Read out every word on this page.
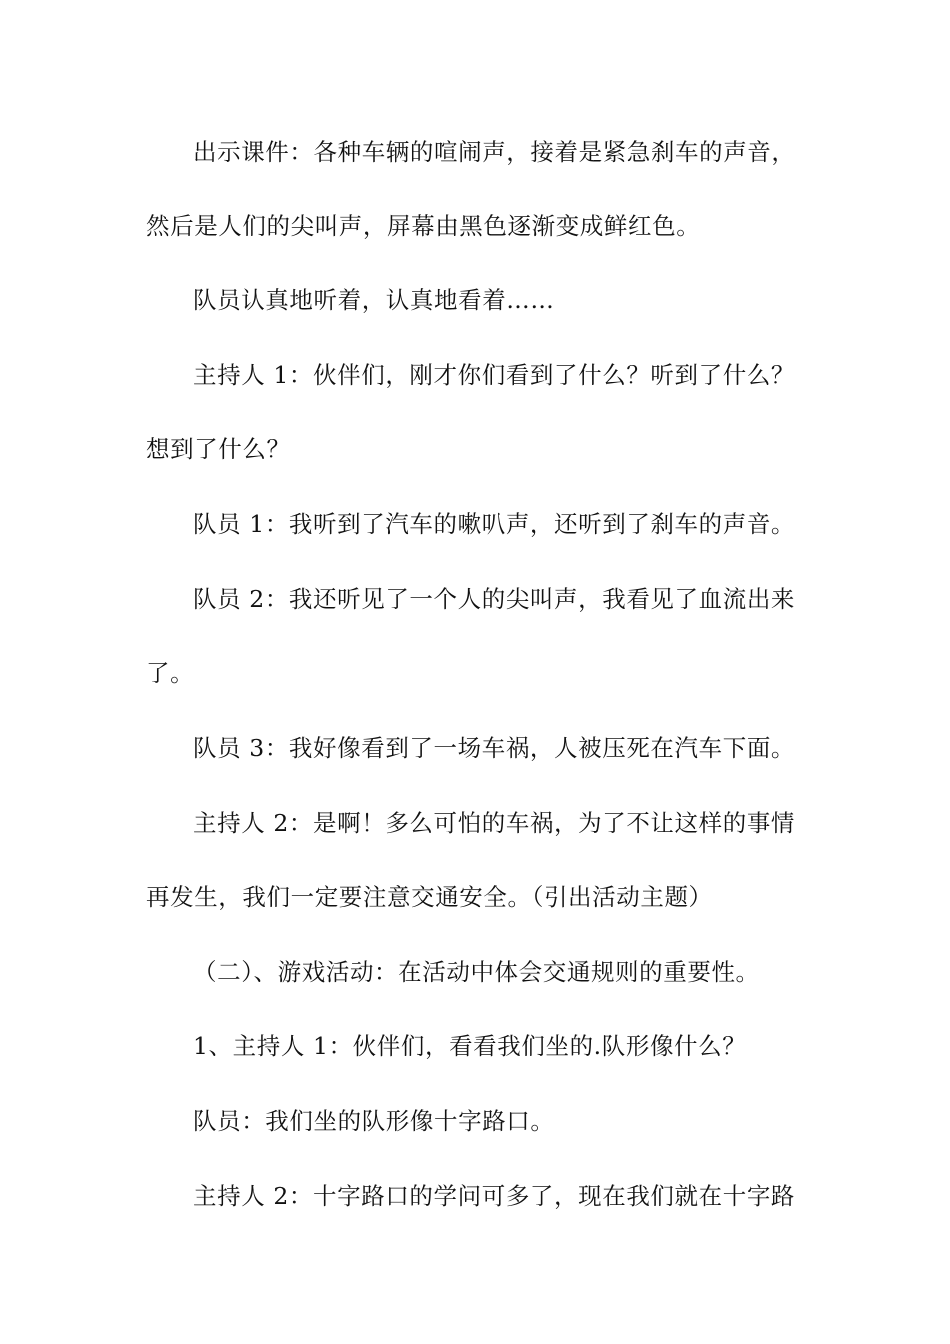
出示课件：各种车辆的喧闹声，接着是紧急刹车的声音，
然后是人们的尖叫声，屏幕由黑色逐渐变成鲜红色。
队员认真地听着，认真地看着……
主持人 1：伙伴们，刚才你们看到了什么？听到了什么？
想到了什么？
队员 1：我听到了汽车的嗽叭声，还听到了刹车的声音。
队员 2：我还听见了一个人的尖叫声，我看见了血流出来
了。
队员 3：我好像看到了一场车祸，人被压死在汽车下面。
主持人 2：是啊！多么可怕的车祸，为了不让这样的事情
再发生，我们一定要注意交通安全。（引出活动主题）
（二）、游戏活动：在活动中体会交通规则的重要性。
1、主持人 1：伙伴们，看看我们坐的.队形像什么？
队员：我们坐的队形像十字路口。
主持人 2：十字路口的学问可多了，现在我们就在十字路
